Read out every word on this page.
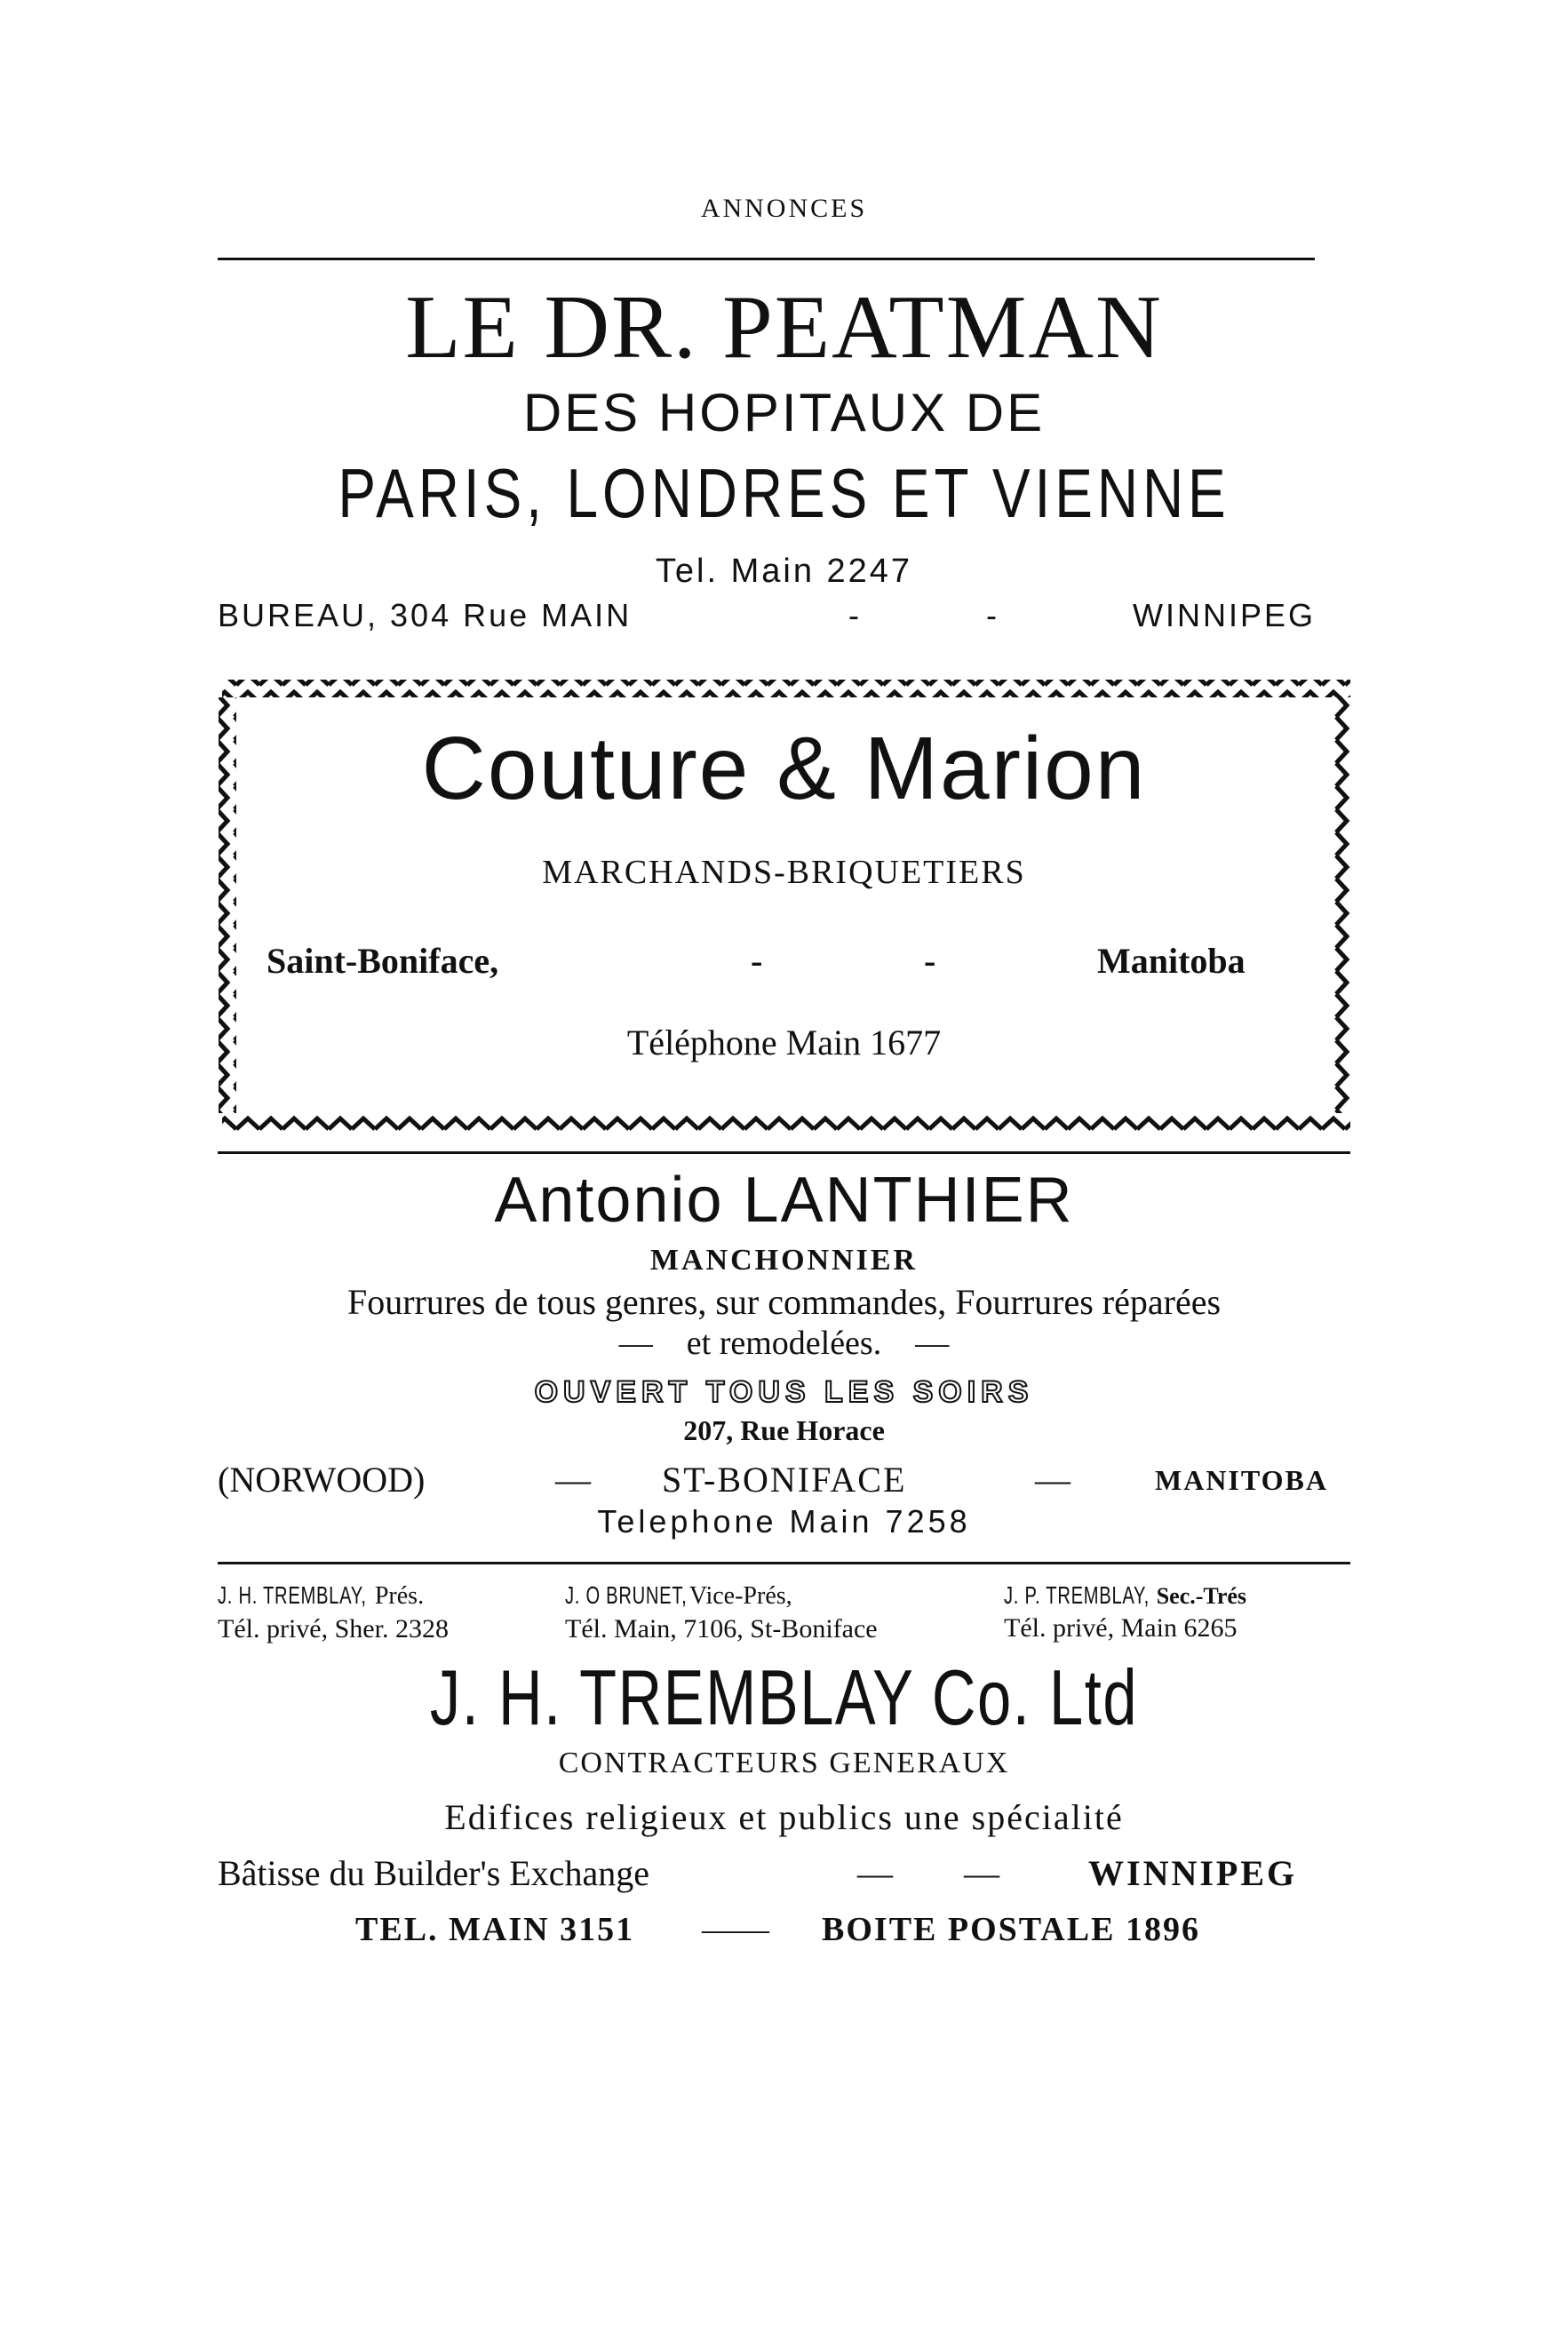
ANNONCES
LE DR. PEATMAN
DES HOPITAUX DE
PARIS, LONDRES ET VIENNE
Tel. Main 2247
BUREAU, 304 Rue MAIN	-	-	WINNIPEG
Couture & Marion
MARCHANDS-BRIQUETIERS
Saint-Boniface,	-	-	Manitoba
Téléphone Main 1677
Antonio LANTHIER
MANCHONNIER
Fourrures de tous genres, sur commandes, Fourrures réparées
—    et remodelées.    —
OUVERT TOUS LES SOIRS
207, Rue Horace
(NORWOOD)	— ST-BONIFACE	—	MANITOBA
Telephone Main 7258
J. H. TREMBLAY, Prés.
Tél. privé, Sher. 2328
J. O BRUNET, Vice-Prés,
Tél. Main, 7106, St-Boniface
J. P. TREMBLAY, Sec.-Trés
Tél. privé, Main 6265
J. H. TREMBLAY Co. Ltd
CONTRACTEURS GENERAUX
Edifices religieux et publics une spécialité
Bâtisse du Builder's Exchange	— —	WINNIPEG
TEL. MAIN 3151 —— BOITE POSTALE 1896
